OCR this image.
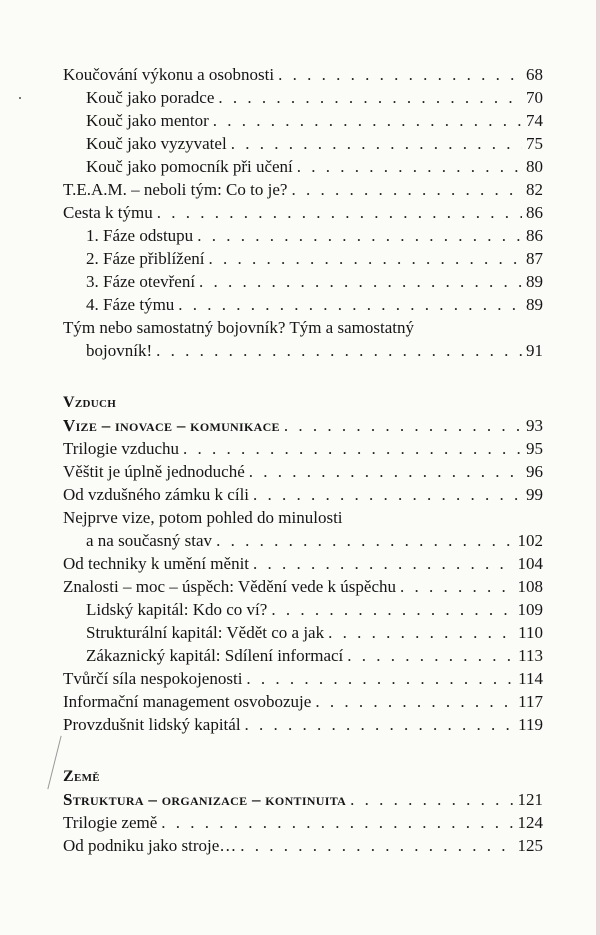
Koučování výkonu a osobnosti . . .	68
Kouč jako poradce . . .	70
Kouč jako mentor . . .	74
Kouč jako vyzyvatel . . .	75
Kouč jako pomocník při učení . . .	80
T.E.A.M. – neboli tým: Co to je? . . .	82
Cesta k týmu . . .	86
1. Fáze odstupu . . .	86
2. Fáze přiblížení . . .	87
3. Fáze otevření . . .	89
4. Fáze týmu . . .	89
Tým nebo samostatný bojovník? Tým a samostatný
bojovník! . . .	91
Vzduch
Vize – inovace – komunikace . . .	93
Trilogie vzduchu . . .	95
Věštit je úplně jednoduché . . .	96
Od vzdušného zámku k cíli . . .	99
Nejprve vize, potom pohled do minulosti
a na současný stav . . .	102
Od techniky k umění měnit . . .	104
Znalosti – moc – úspěch: Vědění vede k úspěchu . . .	108
Lidský kapitál: Kdo co ví? . . .	109
Strukturální kapitál: Vědět co a jak . . .	110
Zákaznický kapitál: Sdílení informací . . .	113
Tvůrčí síla nespokojenosti . . .	114
Informační management osvobozuje . . .	117
Provzdušnit lidský kapitál . . .	119
Země
Struktura – organizace – kontinuita . . .	121
Trilogie země . . .	124
Od podniku jako stroje… . . .	125
